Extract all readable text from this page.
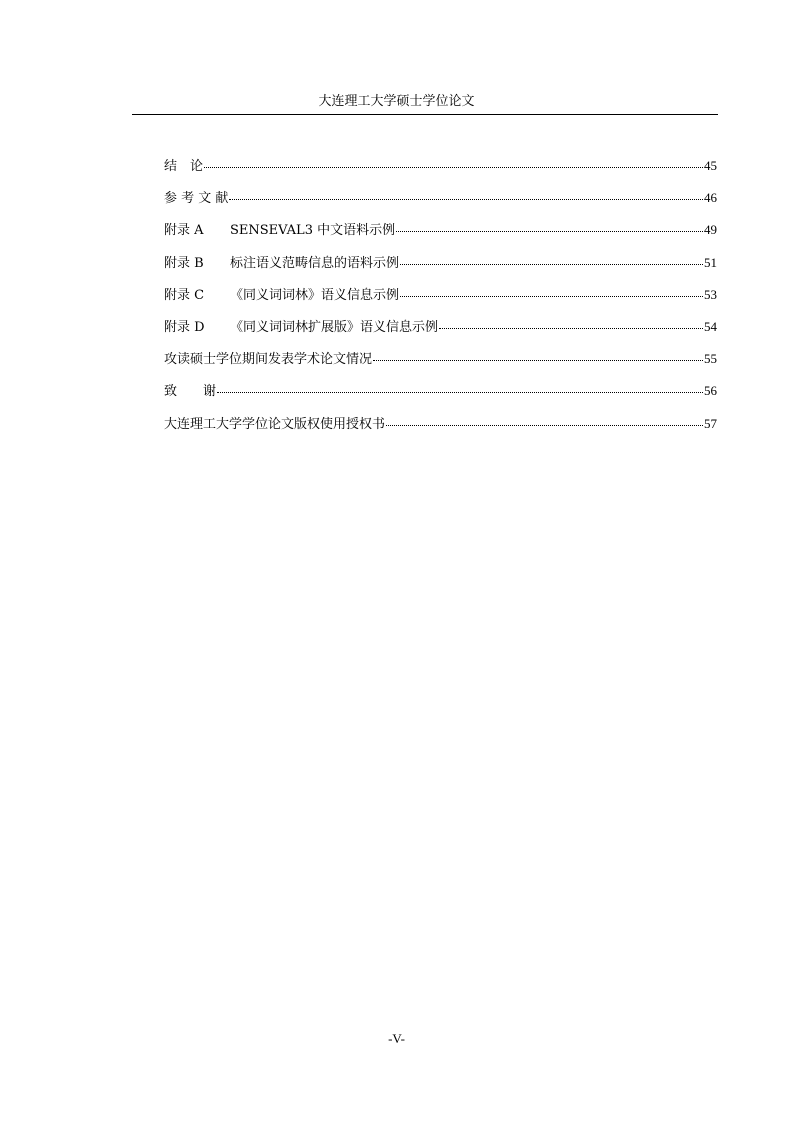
大连理工大学硕士学位论文
结　论	45
参 考 文 献	46
附录 A	SENSEVAL3 中文语料示例	49
附录 B	标注语义范畴信息的语料示例	51
附录 C	《同义词词林》语义信息示例	53
附录 D	《同义词词林扩展版》语义信息示例	54
攻读硕士学位期间发表学术论文情况	55
致　　谢	56
大连理工大学学位论文版权使用授权书	57
-V-
